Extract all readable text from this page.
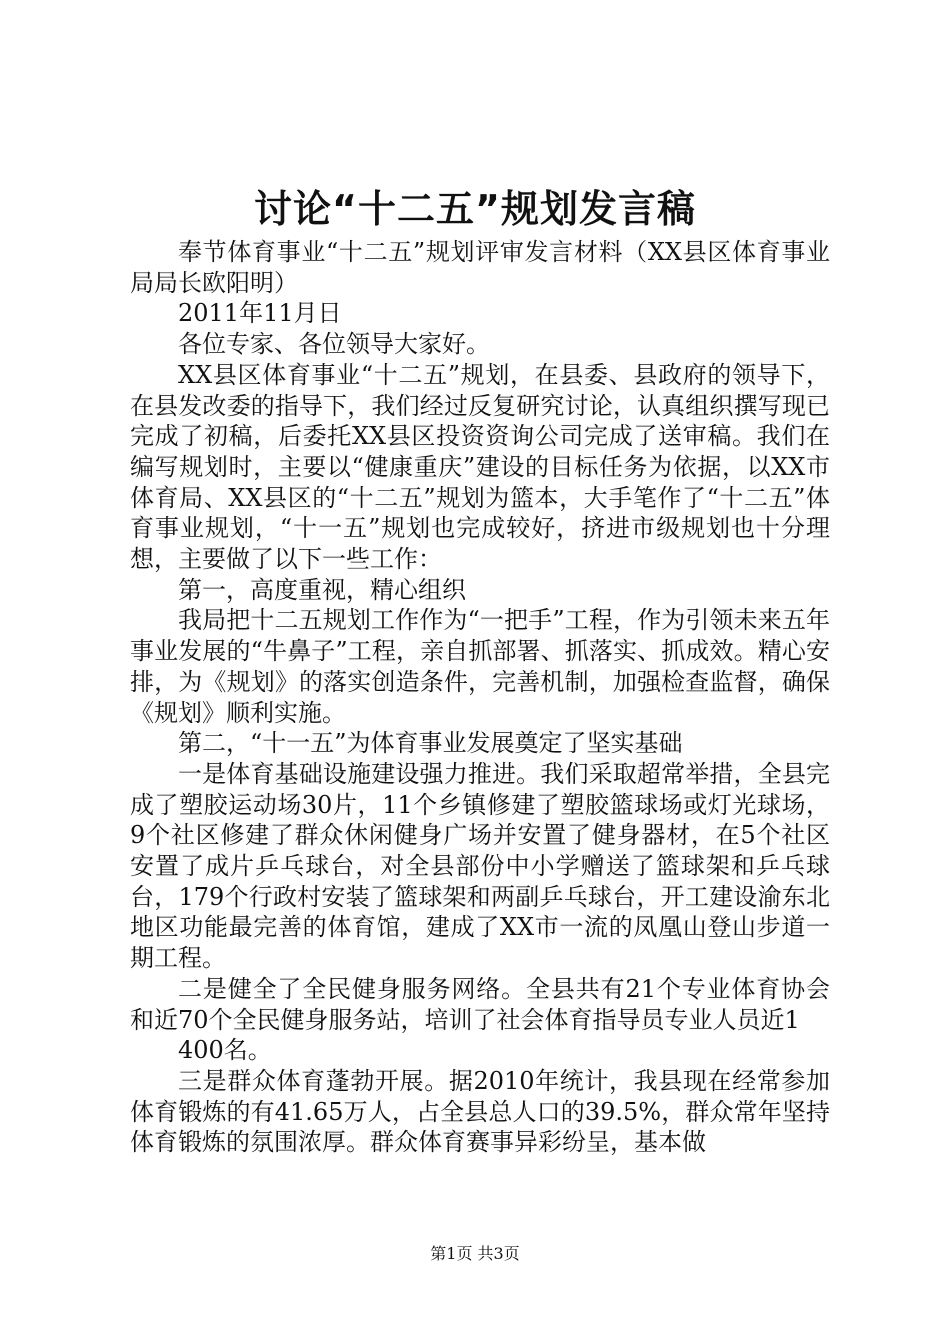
讨论“十二五”规划发言稿

奉节体育事业“十二五”规划评审发言材料（XX县区体育事业局局长欧阳明）

2011年11月日

各位专家、各位领导大家好。

XX县区体育事业“十二五”规划，在县委、县政府的领导下，在县发改委的指导下，我们经过反复研究讨论，认真组织撰写现已完成了初稿，后委托XX县区投资资询公司完成了送审稿。我们在编写规划时，主要以“健康重庆”建设的目标任务为依据，以XX市体育局、XX县区的“十二五”规划为篮本，大手笔作了“十二五”体育事业规划，“十一五”规划也完成较好，挤进市级规划也十分理想，主要做了以下一些工作：

第一，高度重视，精心组织

我局把十二五规划工作作为“一把手”工程，作为引领未来五年事业发展的“牛鼻子”工程，亲自抓部署、抓落实、抓成效。精心安排，为《规划》的落实创造条件，完善机制，加强检查监督，确保《规划》顺利实施。

第二，“十一五”为体育事业发展奠定了坚实基础

一是体育基础设施建设强力推进。我们采取超常举措，全县完成了塑胶运动场30片，11个乡镇修建了塑胶篮球场或灯光球场，9个社区修建了群众休闲健身广场并安置了健身器材，在5个社区安置了成片乒乓球台，对全县部份中小学赠送了篮球架和乒乓球台，179个行政村安装了篮球架和两副乒乓球台，开工建设渝东北地区功能最完善的体育馆，建成了XX市一流的凤凰山登山步道一期工程。

二是健全了全民健身服务网络。全县共有21个专业体育协会和近70个全民健身服务站，培训了社会体育指导员专业人员近1

400名。

三是群众体育蓬勃开展。据2010年统计，我县现在经常参加体育锻炼的有41.65万人，占全县总人口的39.5%，群众常年坚持体育锻炼的氛围浓厚。群众体育赛事异彩纷呈，基本做

第1页 共3页
